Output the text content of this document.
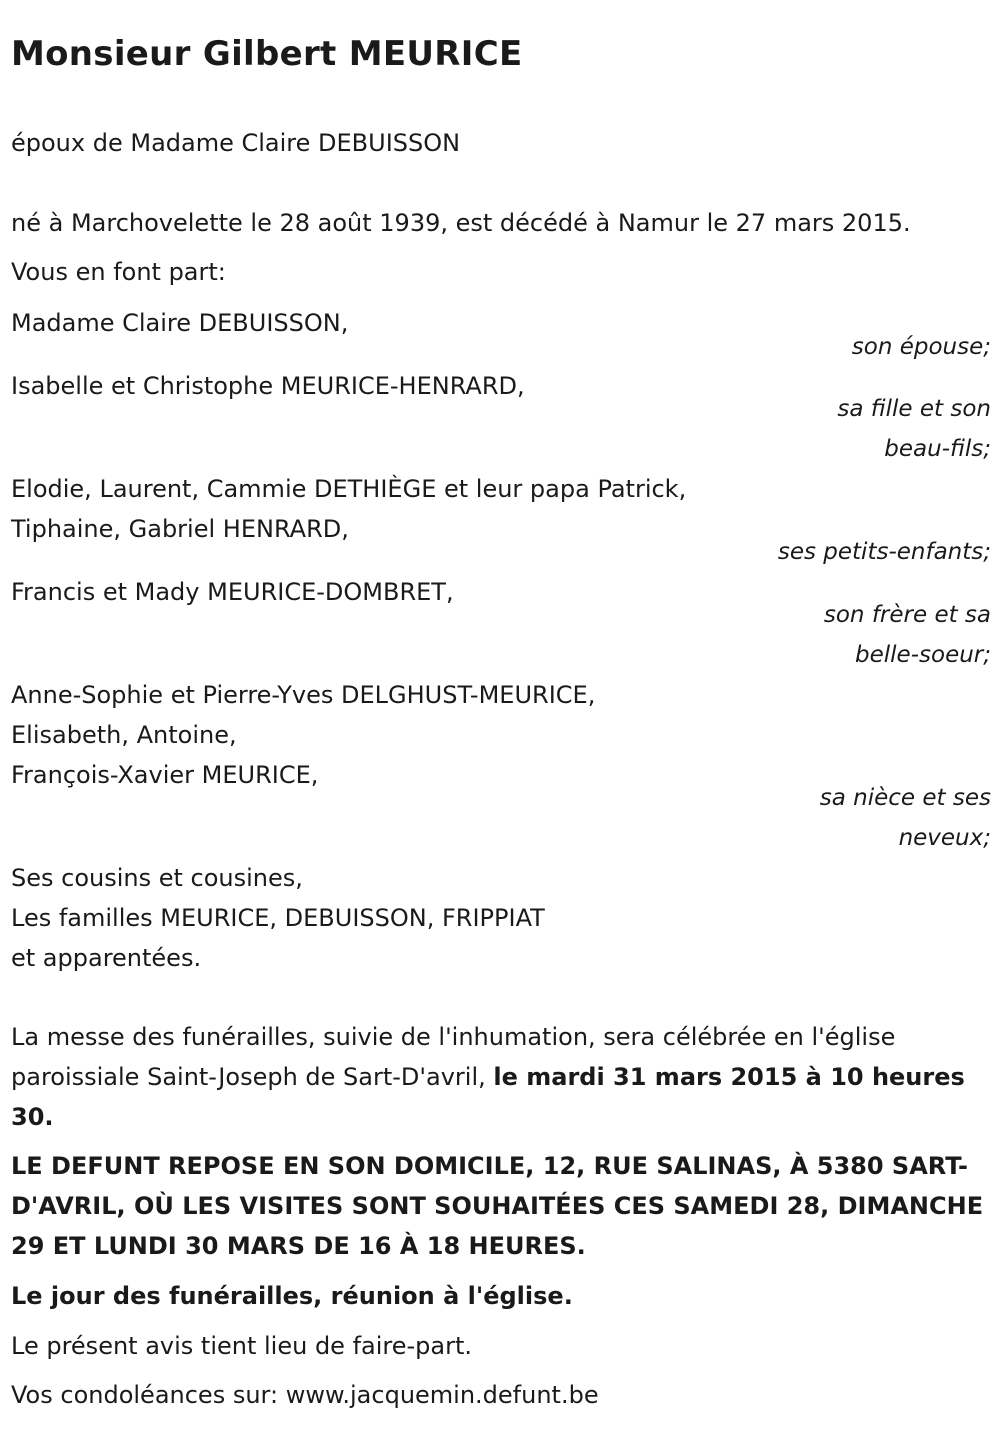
Monsieur Gilbert MEURICE
époux de Madame Claire DEBUISSON
né à Marchovelette le 28 août 1939, est décédé à Namur le 27 mars 2015.
Vous en font part:
Madame Claire DEBUISSON,
son épouse;
Isabelle et Christophe MEURICE-HENRARD,
sa fille et son
beau-fils;
Elodie, Laurent, Cammie DETHIÈGE et leur papa Patrick,
Tiphaine, Gabriel HENRARD,
ses petits-enfants;
Francis et Mady MEURICE-DOMBRET,
son frère et sa
belle-soeur;
Anne-Sophie et Pierre-Yves DELGHUST-MEURICE,
Elisabeth, Antoine,
François-Xavier MEURICE,
sa nièce et ses
neveux;
Ses cousins et cousines,
Les familles MEURICE, DEBUISSON, FRIPPIAT
et apparentées.
La messe des funérailles, suivie de l'inhumation, sera célébrée en l'église paroissiale Saint-Joseph de Sart-D'avril, le mardi 31 mars 2015 à 10 heures 30.
LE DEFUNT REPOSE EN SON DOMICILE, 12, RUE SALINAS, À 5380 SART-D'AVRIL, OÙ LES VISITES SONT SOUHAITÉES CES SAMEDI 28, DIMANCHE 29 ET LUNDI 30 MARS DE 16 À 18 HEURES.
Le jour des funérailles, réunion à l'église.
Le présent avis tient lieu de faire-part.
Vos condoléances sur: www.jacquemin.defunt.be
